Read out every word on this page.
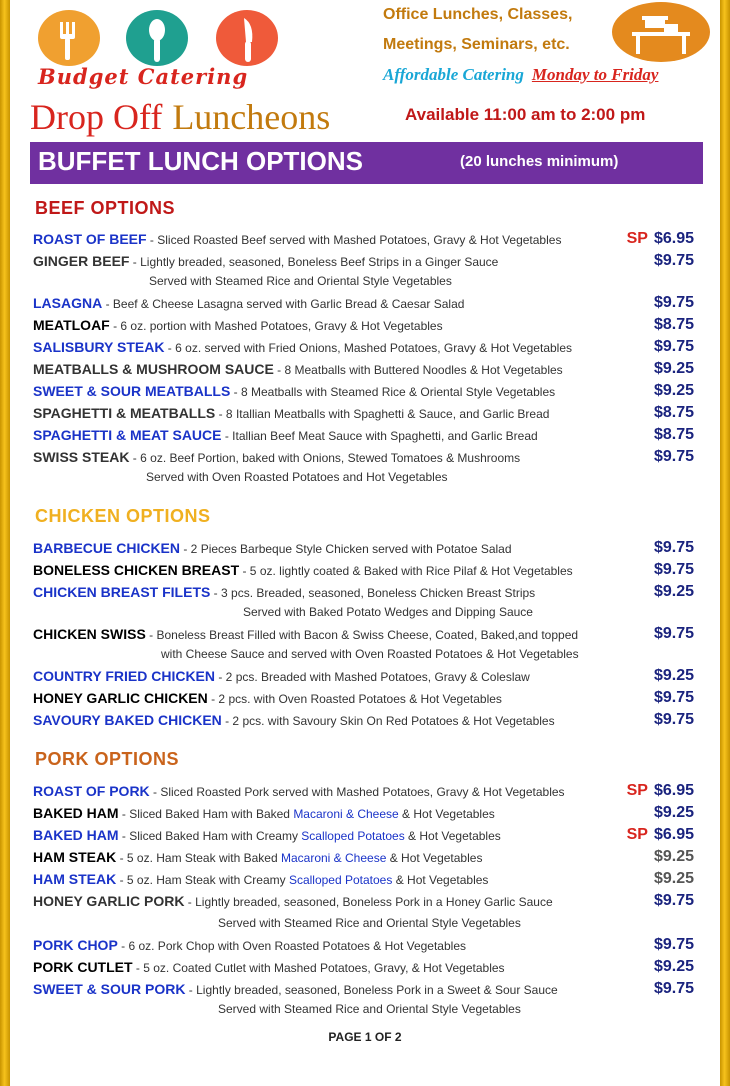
Budget Catering
Office Lunches, Classes,
Meetings, Seminars, etc.
Affordable Catering Monday to Friday
Drop Off Luncheons	Available 11:00 am to 2:00 pm
BUFFET LUNCH OPTIONS	(20 lunches minimum)
BEEF OPTIONS
ROAST OF BEEF - Sliced Roasted Beef served with Mashed Potatoes, Gravy & Hot Vegetables	SP $6.95
GINGER BEEF - Lightly breaded, seasoned, Boneless Beef Strips in a Ginger Sauce
Served with Steamed Rice and Oriental Style Vegetables
$9.75
LASAGNA - Beef & Cheese Lasagna served with Garlic Bread & Caesar Salad	$9.75
MEATLOAF - 6 oz. portion with Mashed Potatoes, Gravy & Hot Vegetables	$8.75
SALISBURY STEAK - 6 oz. served with Fried Onions, Mashed Potatoes, Gravy & Hot Vegetables	$9.75
MEATBALLS & MUSHROOM SAUCE - 8 Meatballs with Buttered Noodles & Hot Vegetables	$9.25
SWEET & SOUR MEATBALLS - 8 Meatballs with Steamed Rice & Oriental Style Vegetables	$9.25
SPAGHETTI & MEATBALLS - 8 Itallian Meatballs with Spaghetti & Sauce, and Garlic Bread	$8.75
SPAGHETTI & MEAT SAUCE - Itallian Beef Meat Sauce with Spaghetti, and Garlic Bread	$8.75
SWISS STEAK - 6 oz. Beef Portion, baked with Onions, Stewed Tomatoes & Mushrooms
Served with Oven Roasted Potatoes and Hot Vegetables
$9.75
CHICKEN OPTIONS
BARBECUE CHICKEN - 2 Pieces Barbeque Style Chicken served with Potatoe Salad	$9.75
BONELESS CHICKEN BREAST - 5 oz. lightly coated & Baked with Rice Pilaf & Hot Vegetables	$9.75
CHICKEN BREAST FILETS - 3 pcs. Breaded, seasoned, Boneless Chicken Breast Strips
Served with Baked Potato Wedges and Dipping Sauce
$9.25
CHICKEN SWISS - Boneless Breast Filled with Bacon & Swiss Cheese, Coated, Baked,and topped
with Cheese Sauce and served with Oven Roasted Potatoes & Hot Vegetables
$9.75
COUNTRY FRIED CHICKEN - 2 pcs. Breaded with Mashed Potatoes, Gravy & Coleslaw	$9.25
HONEY GARLIC CHICKEN - 2 pcs. with Oven Roasted Potatoes & Hot Vegetables	$9.75
SAVOURY BAKED CHICKEN - 2 pcs. with Savoury Skin On Red Potatoes & Hot Vegetables	$9.75
PORK OPTIONS
ROAST OF PORK - Sliced Roasted Pork served with Mashed Potatoes, Gravy & Hot Vegetables	SP $6.95
BAKED HAM - Sliced Baked Ham with Baked Macaroni & Cheese & Hot Vegetables	$9.25
BAKED HAM - Sliced Baked Ham with Creamy Scalloped Potatoes & Hot Vegetables	SP $6.95
HAM STEAK - 5 oz. Ham Steak with Baked Macaroni & Cheese & Hot Vegetables	$9.25
HAM STEAK - 5 oz. Ham Steak with Creamy Scalloped Potatoes & Hot Vegetables	$9.25
HONEY GARLIC PORK - Lightly breaded, seasoned, Boneless Pork in a Honey Garlic Sauce
Served with Steamed Rice and Oriental Style Vegetables
$9.75
PORK CHOP - 6 oz. Pork Chop with Oven Roasted Potatoes & Hot Vegetables	$9.75
PORK CUTLET - 5 oz. Coated Cutlet with Mashed Potatoes, Gravy, & Hot Vegetables	$9.25
SWEET & SOUR PORK - Lightly breaded, seasoned, Boneless Pork in a Sweet & Sour Sauce
Served with Steamed Rice and Oriental Style Vegetables
$9.75
PAGE 1 OF 2
